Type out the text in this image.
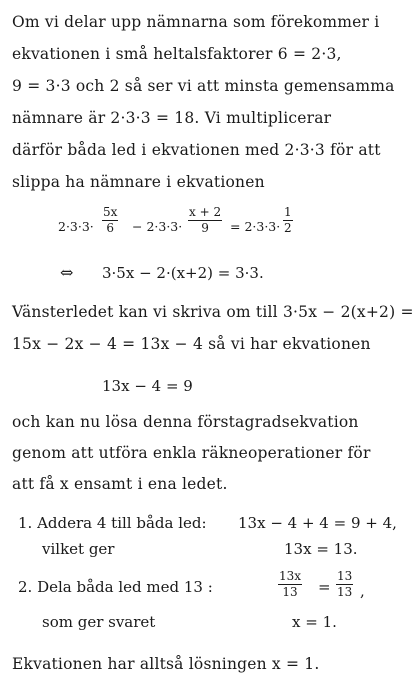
Om vi delar upp nämnarna som förekommer i
ekvationen i små heltalsfaktorer 6 = 2·3,
9 = 3·3 och 2 så ser vi att minsta gemensamma
nämnare är 2·3·3 = 18. Vi multiplicerar
därför båda led i ekvationen med 2·3·3 för att
slippa ha nämnare i ekvationen
2·3·3·
5x
6	− 2·3·3·
x + 2
9	= 2·3·3·
1
2
⇔ 3·5x − 2·(x+2) = 3·3.
Vänsterledet kan vi skriva om till 3·5x − 2(x+2) =
15x − 2x − 4 = 13x − 4 så vi har ekvationen
13x − 4 = 9
och kan nu lösa denna förstagradsekvation
genom att utföra enkla räkneoperationer för
att få x ensamt i ena ledet.
1. Addera 4 till båda led: 13x − 4 + 4 = 9 + 4,
vilket ger	13x = 13.
2. Dela båda led med 13 :
13x
13 =
13
13 ,
som ger svaret	x = 1.
Ekvationen har alltså lösningen x = 1.
